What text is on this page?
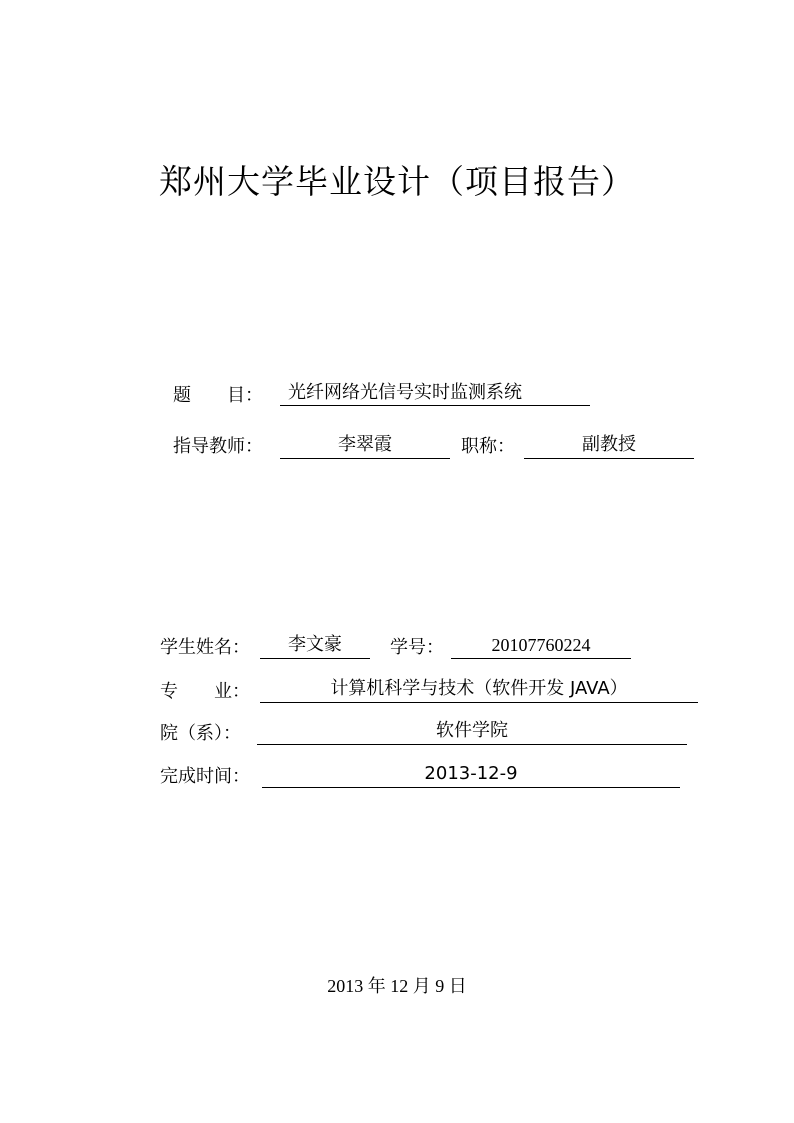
郑州大学毕业设计（项目报告）
题　　目：	光纤网络光信号实时监测系统
指导教师：	李翠霞	职称：	副教授
学生姓名：	李文豪	学号：	20107760224
专　　业：	计算机科学与技术（软件开发 JAVA）
院（系）：	软件学院
完成时间：	2013-12-9
2013 年 12 月 9 日
